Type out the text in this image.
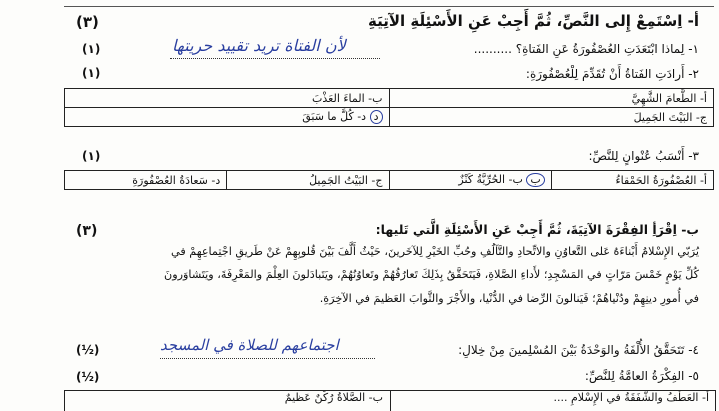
(٣)	أ- اِسْتَمِعْ إِلى النَّصِّ، ثُمَّ أَجِبْ عَنِ الأَسْئِلَةِ الآتِيَةِ
(١)	١- لِماذا ابْتَعَدَتِ العُصْفُورَةُ عَنِ الفَتاةِ؟ ..........
لأن الفتاة تريد تقييد حريتها
(١)	٢- أَرادَتِ الفَتاةُ أَنْ تُقَدِّمَ لِلْعُصْفُورَةِ:
أ- الطَّعامَ الشَّهِيَّ	ب- الماءَ العَذْبَ
ج- البَيْتَ الجَمِيلَ	د د- كُلَّ ما سَبَقَ
(١)	٣- أَنْسَبُ عُنْوانٍ لِلنَّصِّ:
أ- العُصْفُورَةُ الحَمْقاءُ	ب ب- الحُرِّيَّةُ كَنْزٌ	ج- البَيْتُ الجَمِيلُ	د- سَعادَةُ العُصْفُورَةِ
(٣)	ب- اِقْرَأِ الفِقْرَةَ الآتِيَةَ، ثُمَّ أَجِبْ عَنِ الأَسْئِلَةِ الَّتي تَليها:
يُرَبّي الإِسْلامُ أَبْناءَهُ عَلى التَّعاوُنِ والاتِّحادِ والتَّآلُفِ وحُبِّ الخَيْرِ لِلآخَرينَ، حَيْثُ أَلَّفَ بَيْنَ قُلوبِهِمْ عَنْ طَريقِ اجْتِماعِهِمْ في
كُلِّ يَوْمٍ خَمْسَ مَرّاتٍ في المَسْجِدِ؛ لأَداءِ الصَّلاةِ، فَيَتَحَقَّقُ بِذَلِكَ تَعارُفُهُمْ وتَعاوُنُهُمْ، ويَتَبادَلونَ العِلْمَ والمَعْرِفَةَ، ويَتَشاوَرونَ
في أُمورِ دينِهِمْ ودُنْياهُمْ؛ فَيَنالونَ الرِّضا في الدُّنْيا، والأَجْرَ والثَّوابَ العَظيمَ في الآخِرَةِ.
(½)	٤- تَتَحَقَّقُ الأُلْفَةُ والوَحْدَةُ بَيْنَ المُسْلِمينَ مِنْ خِلالِ:
اجتماعهم للصلاة في المسجد
(½)	٥- الفِكْرَةُ العامَّةُ لِلنَّصِّ:
أ- العَطْفُ والشَّفَقَةُ في الإِسْلامِ ....
ب- الصَّلاةُ رُكْنٌ عَظيمٌ
